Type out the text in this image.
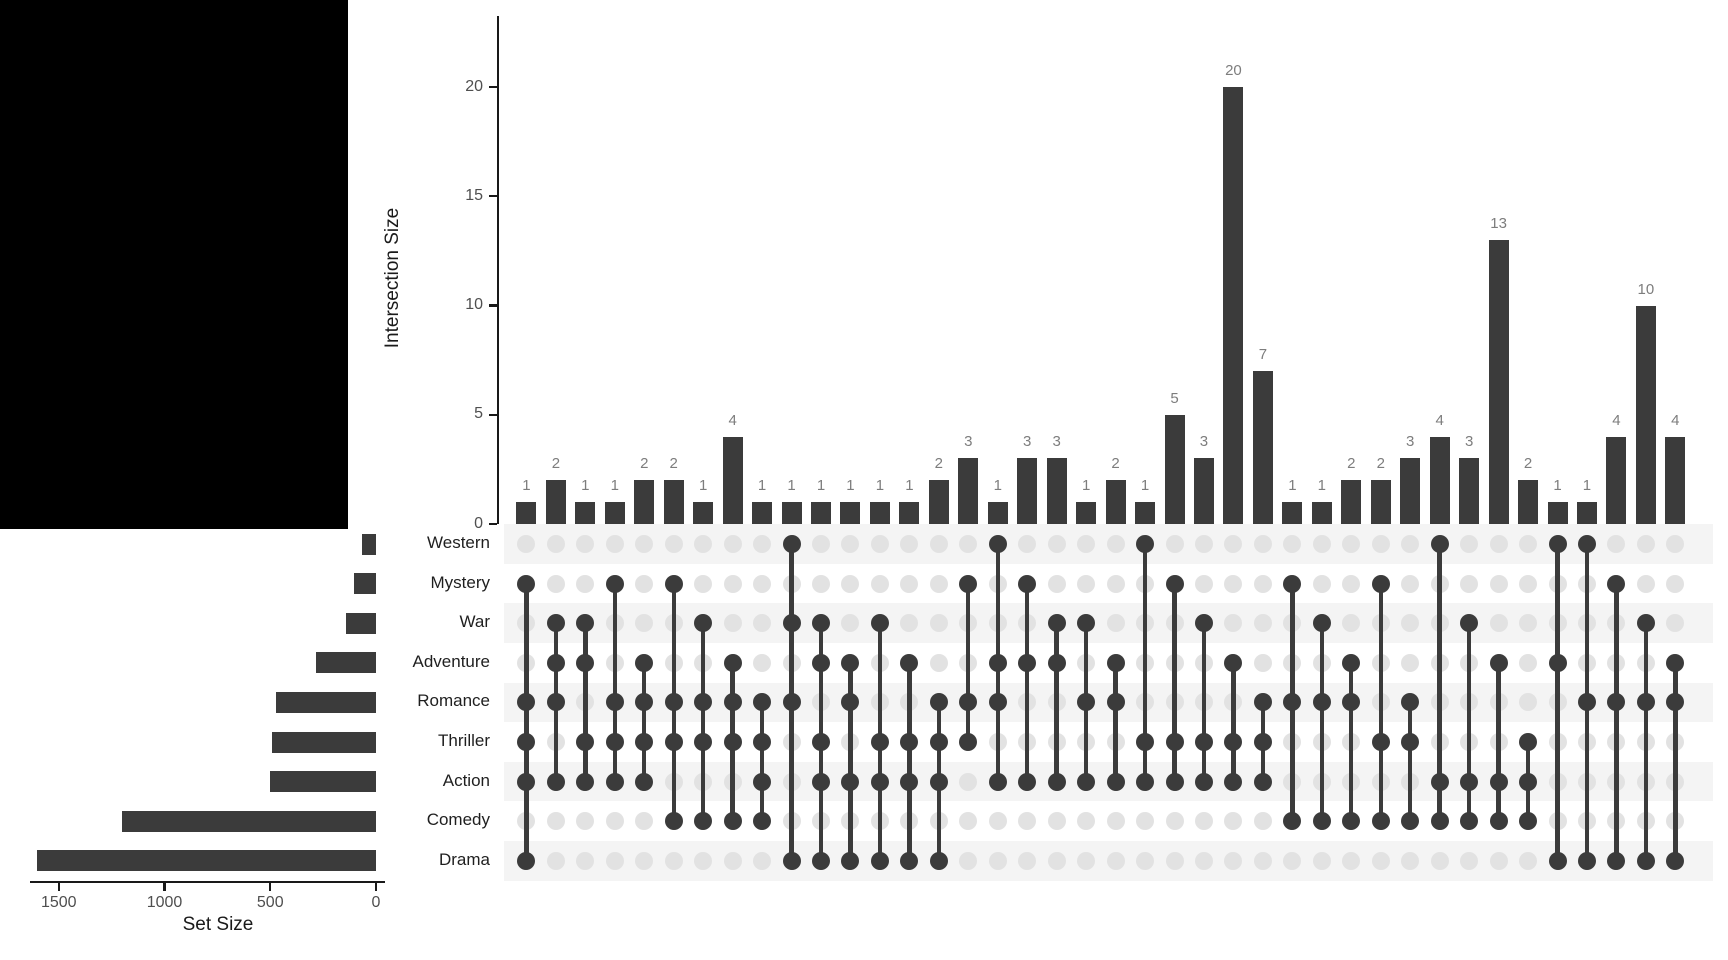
0
5
10
15
20
1
2
1	1
2	2
1
4
1	1	1	1	1	1
2
3
1
3	3
1
2
1
5
3
20
7
1	1
2	2
3
4
3
13
2
1	1
4
10
4
Western
Mystery
War
Adventure
Romance
Thriller
Action
Comedy
Drama
1500	1000	500	0
Intersection Size
Set Size
